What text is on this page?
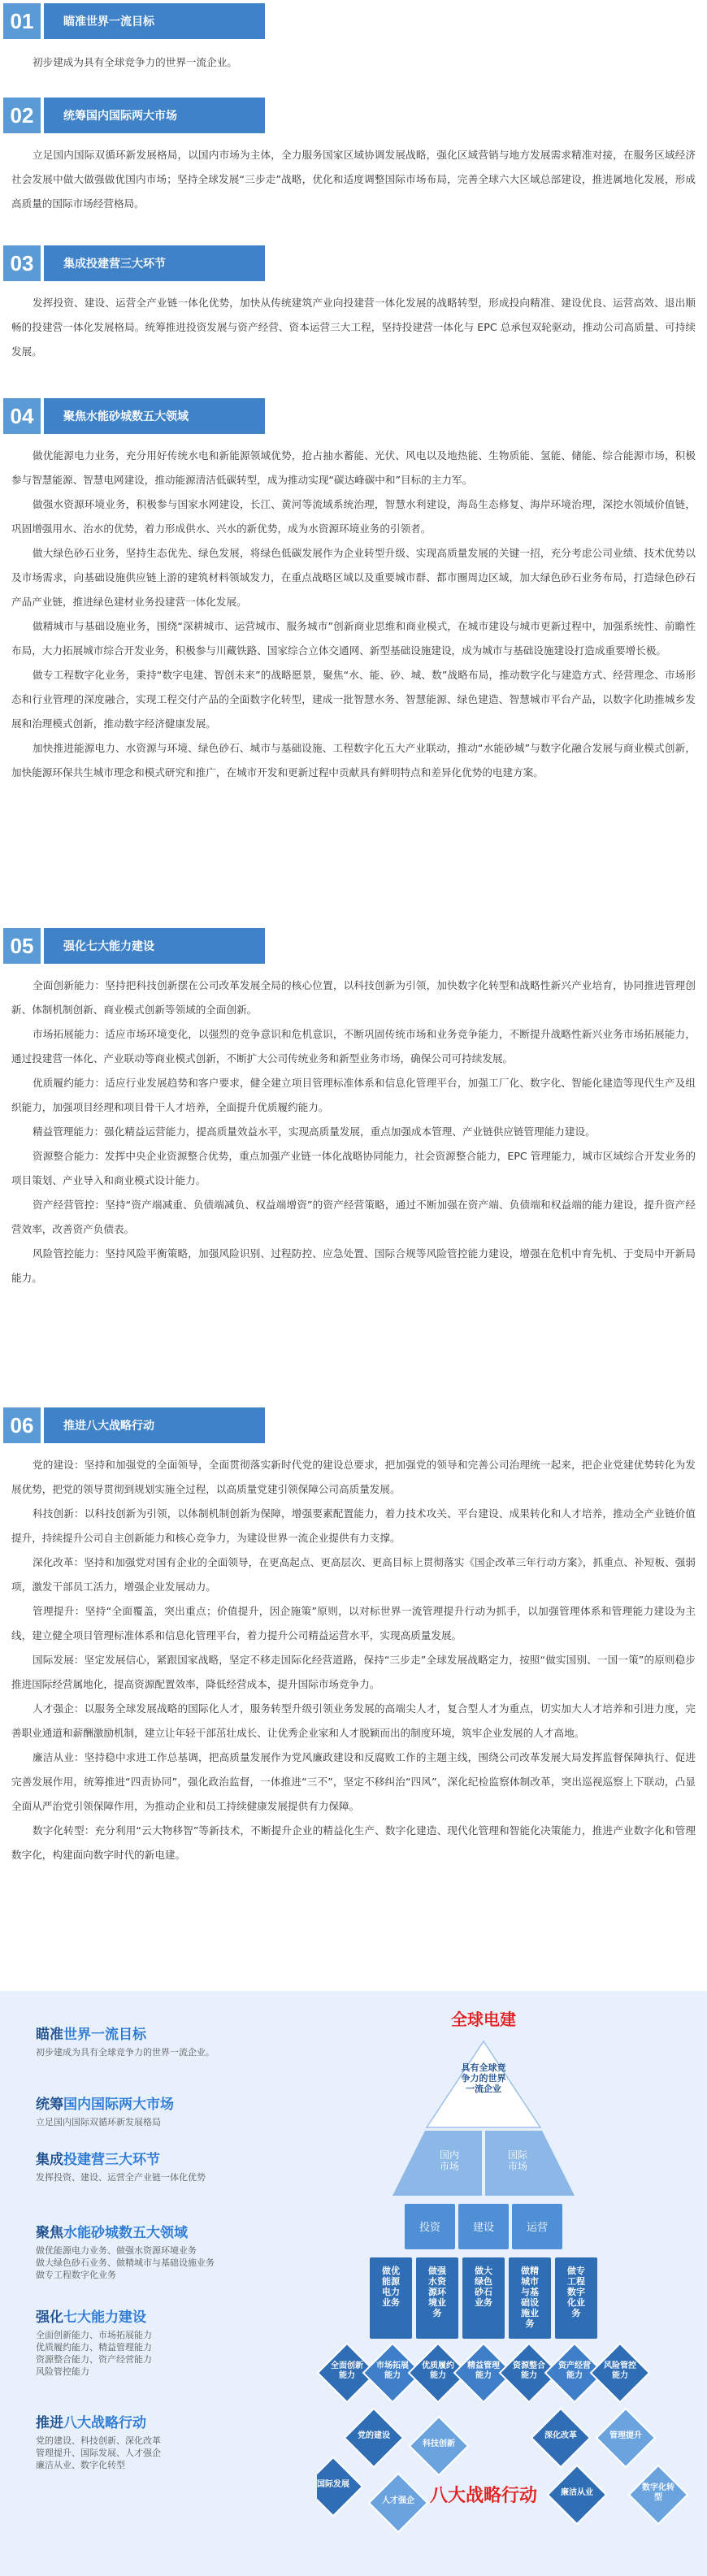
01	瞄准世界一流目标

初步建成为具有全球竞争力的世界一流企业。

02	统筹国内国际两大市场

立足国内国际双循环新发展格局，以国内市场为主体，全力服务国家区域协调发展战略，强化区域营销与地方发展需求精准对接，在服务区域经济社会发展中做大做强做优国内市场；坚持全球发展“三步走”战略，优化和适度调整国际市场布局，完善全球六大区域总部建设，推进属地化发展，形成高质量的国际市场经营格局。

03	集成投建营三大环节

发挥投资、建设、运营全产业链一体化优势，加快从传统建筑产业向投建营一体化发展的战略转型，形成投向精准、建设优良、运营高效、退出顺畅的投建营一体化发展格局。统筹推进投资发展与资产经营、资本运营三大工程，坚持投建营一体化与 EPC 总承包双轮驱动，推动公司高质量、可持续发展。

04	聚焦水能砂城数五大领域

做优能源电力业务，充分用好传统水电和新能源领域优势，抢占抽水蓄能、光伏、风电以及地热能、生物质能、氢能、储能、综合能源市场，积极参与智慧能源、智慧电网建设，推动能源清洁低碳转型，成为推动实现“碳达峰碳中和”目标的主力军。

做强水资源环境业务，积极参与国家水网建设，长江、黄河等流域系统治理，智慧水利建设，海岛生态修复、海岸环境治理，深挖水领域价值链，巩固增强用水、治水的优势，着力形成供水、兴水的新优势，成为水资源环境业务的引领者。

做大绿色砂石业务，坚持生态优先、绿色发展，将绿色低碳发展作为企业转型升级、实现高质量发展的关键一招，充分考虑公司业绩、技术优势以及市场需求，向基础设施供应链上游的建筑材料领域发力，在重点战略区域以及重要城市群、都市圈周边区域，加大绿色砂石业务布局，打造绿色砂石产品产业链，推进绿色建材业务投建营一体化发展。

做精城市与基础设施业务，围绕“深耕城市、运营城市、服务城市”创新商业思维和商业模式，在城市建设与城市更新过程中，加强系统性、前瞻性布局，大力拓展城市综合开发业务，积极参与川藏铁路、国家综合立体交通网、新型基础设施建设，成为城市与基础设施建设打造成重要增长极。

做专工程数字化业务，秉持“数字电建、智创未来”的战略愿景，聚焦“水、能、砂、城、数”战略布局，推动数字化与建造方式、经营理念、市场形态和行业管理的深度融合，实现工程交付产品的全面数字化转型，建成一批智慧水务、智慧能源、绿色建造、智慧城市平台产品，以数字化助推城乡发展和治理模式创新，推动数字经济健康发展。

加快推进能源电力、水资源与环境、绿色砂石、城市与基础设施、工程数字化五大产业联动，推动“水能砂城”与数字化融合发展与商业模式创新，加快能源环保共生城市理念和模式研究和推广，在城市开发和更新过程中贡献具有鲜明特点和差异化优势的电建方案。

05	强化七大能力建设

全面创新能力：坚持把科技创新摆在公司改革发展全局的核心位置，以科技创新为引领，加快数字化转型和战略性新兴产业培育，协同推进管理创新、体制机制创新、商业模式创新等领域的全面创新。

市场拓展能力：适应市场环境变化，以强烈的竞争意识和危机意识，不断巩固传统市场和业务竞争能力，不断提升战略性新兴业务市场拓展能力，通过投建营一体化、产业联动等商业模式创新，不断扩大公司传统业务和新型业务市场，确保公司可持续发展。

优质履约能力：适应行业发展趋势和客户要求，健全建立项目管理标准体系和信息化管理平台，加强工厂化、数字化、智能化建造等现代生产及组织能力，加强项目经理和项目骨干人才培养，全面提升优质履约能力。

精益管理能力：强化精益运营能力，提高质量效益水平，实现高质量发展，重点加强成本管理、产业链供应链管理能力建设。

资源整合能力：发挥中央企业资源整合优势，重点加强产业链一体化战略协同能力，社会资源整合能力，EPC 管理能力，城市区域综合开发业务的项目策划、产业导入和商业模式设计能力。

资产经营管控：坚持“资产端减重、负债端减负、权益端增资”的资产经营策略，通过不断加强在资产端、负债端和权益端的能力建设，提升资产经营效率，改善资产负债表。

风险管控能力：坚持风险平衡策略，加强风险识别、过程防控、应急处置、国际合规等风险管控能力建设，增强在危机中育先机、于变局中开新局能力。

06	推进八大战略行动

党的建设：坚持和加强党的全面领导，全面贯彻落实新时代党的建设总要求，把加强党的领导和完善公司治理统一起来，把企业党建优势转化为发展优势，把党的领导贯彻到规划实施全过程，以高质量党建引领保障公司高质量发展。

科技创新：以科技创新为引领，以体制机制创新为保障，增强要素配置能力，着力技术攻关、平台建设、成果转化和人才培养，推动全产业链价值提升，持续提升公司自主创新能力和核心竞争力，为建设世界一流企业提供有力支撑。

深化改革：坚持和加强党对国有企业的全面领导，在更高起点、更高层次、更高目标上贯彻落实《国企改革三年行动方案》，抓重点、补短板、强弱项，激发干部员工活力，增强企业发展动力。

管理提升：坚持“全面覆盖，突出重点；价值提升，因企施策”原则，以对标世界一流管理提升行动为抓手，以加强管理体系和管理能力建设为主线，建立健全项目管理标准体系和信息化管理平台，着力提升公司精益运营水平，实现高质量发展。

国际发展：坚定发展信心，紧跟国家战略，坚定不移走国际化经营道路，保持“三步走”全球发展战略定力，按照“做实国别、一国一策”的原则稳步推进国际经营属地化，提高资源配置效率，降低经营成本，提升国际市场竞争力。

人才强企：以服务全球发展战略的国际化人才，服务转型升级引领业务发展的高端尖人才，复合型人才为重点，切实加大人才培养和引进力度，完善职业通道和薪酬激励机制，建立让年轻干部茁壮成长、让优秀企业家和人才脱颖而出的制度环境，筑牢企业发展的人才高地。

廉洁从业：坚持稳中求进工作总基调，把高质量发展作为党风廉政建设和反腐败工作的主题主线，围绕公司改革发展大局发挥监督保障执行、促进完善发展作用，统筹推进“四责协同”，强化政治监督，一体推进“三不”，坚定不移纠治“四风”，深化纪检监察体制改革，突出巡视巡察上下联动，凸显全面从严治党引领保障作用，为推动企业和员工持续健康发展提供有力保障。

数字化转型：充分利用“云大物移智”等新技术，不断提升企业的精益化生产、数字化建造、现代化管理和智能化决策能力，推进产业数字化和管理数字化，构建面向数字时代的新电建。

瞄准世界一流目标
初步建成为具有全球竞争力的世界一流企业。
统筹国内国际两大市场
立足国内国际双循环新发展格局
集成投建营三大环节
发挥投资、建设、运营全产业链一体化优势
聚焦水能砂城数五大领域
做优能源电力业务、做强水资源环境业务
做大绿色砂石业务、做精城市与基础设施业务
做专工程数字化业务
强化七大能力建设
全面创新能力、市场拓展能力
优质履约能力、精益管理能力
资源整合能力、资产经营能力
风险管控能力
推进八大战略行动
党的建设、科技创新、深化改革
管理提升、国际发展、人才强企
廉洁从业、数字化转型
全球电建
具有全球竞
争力的世界
一流企业
国内
市场
国际
市场
投资	建设	运营
做优
能源
电力
业务
做强
水资
源环
境业
务
做大
绿色
砂石
业务
做精
城市
与基
础设
施业
务
做专
工程
数字
化业
务
全面创新
能力
市场拓展
能力
优质履约
能力
精益管理
能力
资源整合
能力
资产经营
能力
风险管控
能力
党的建设
科技创新
国际发展
人才强企
深化改革	管理提升
廉洁从业
数字化转
型
八大战略行动
